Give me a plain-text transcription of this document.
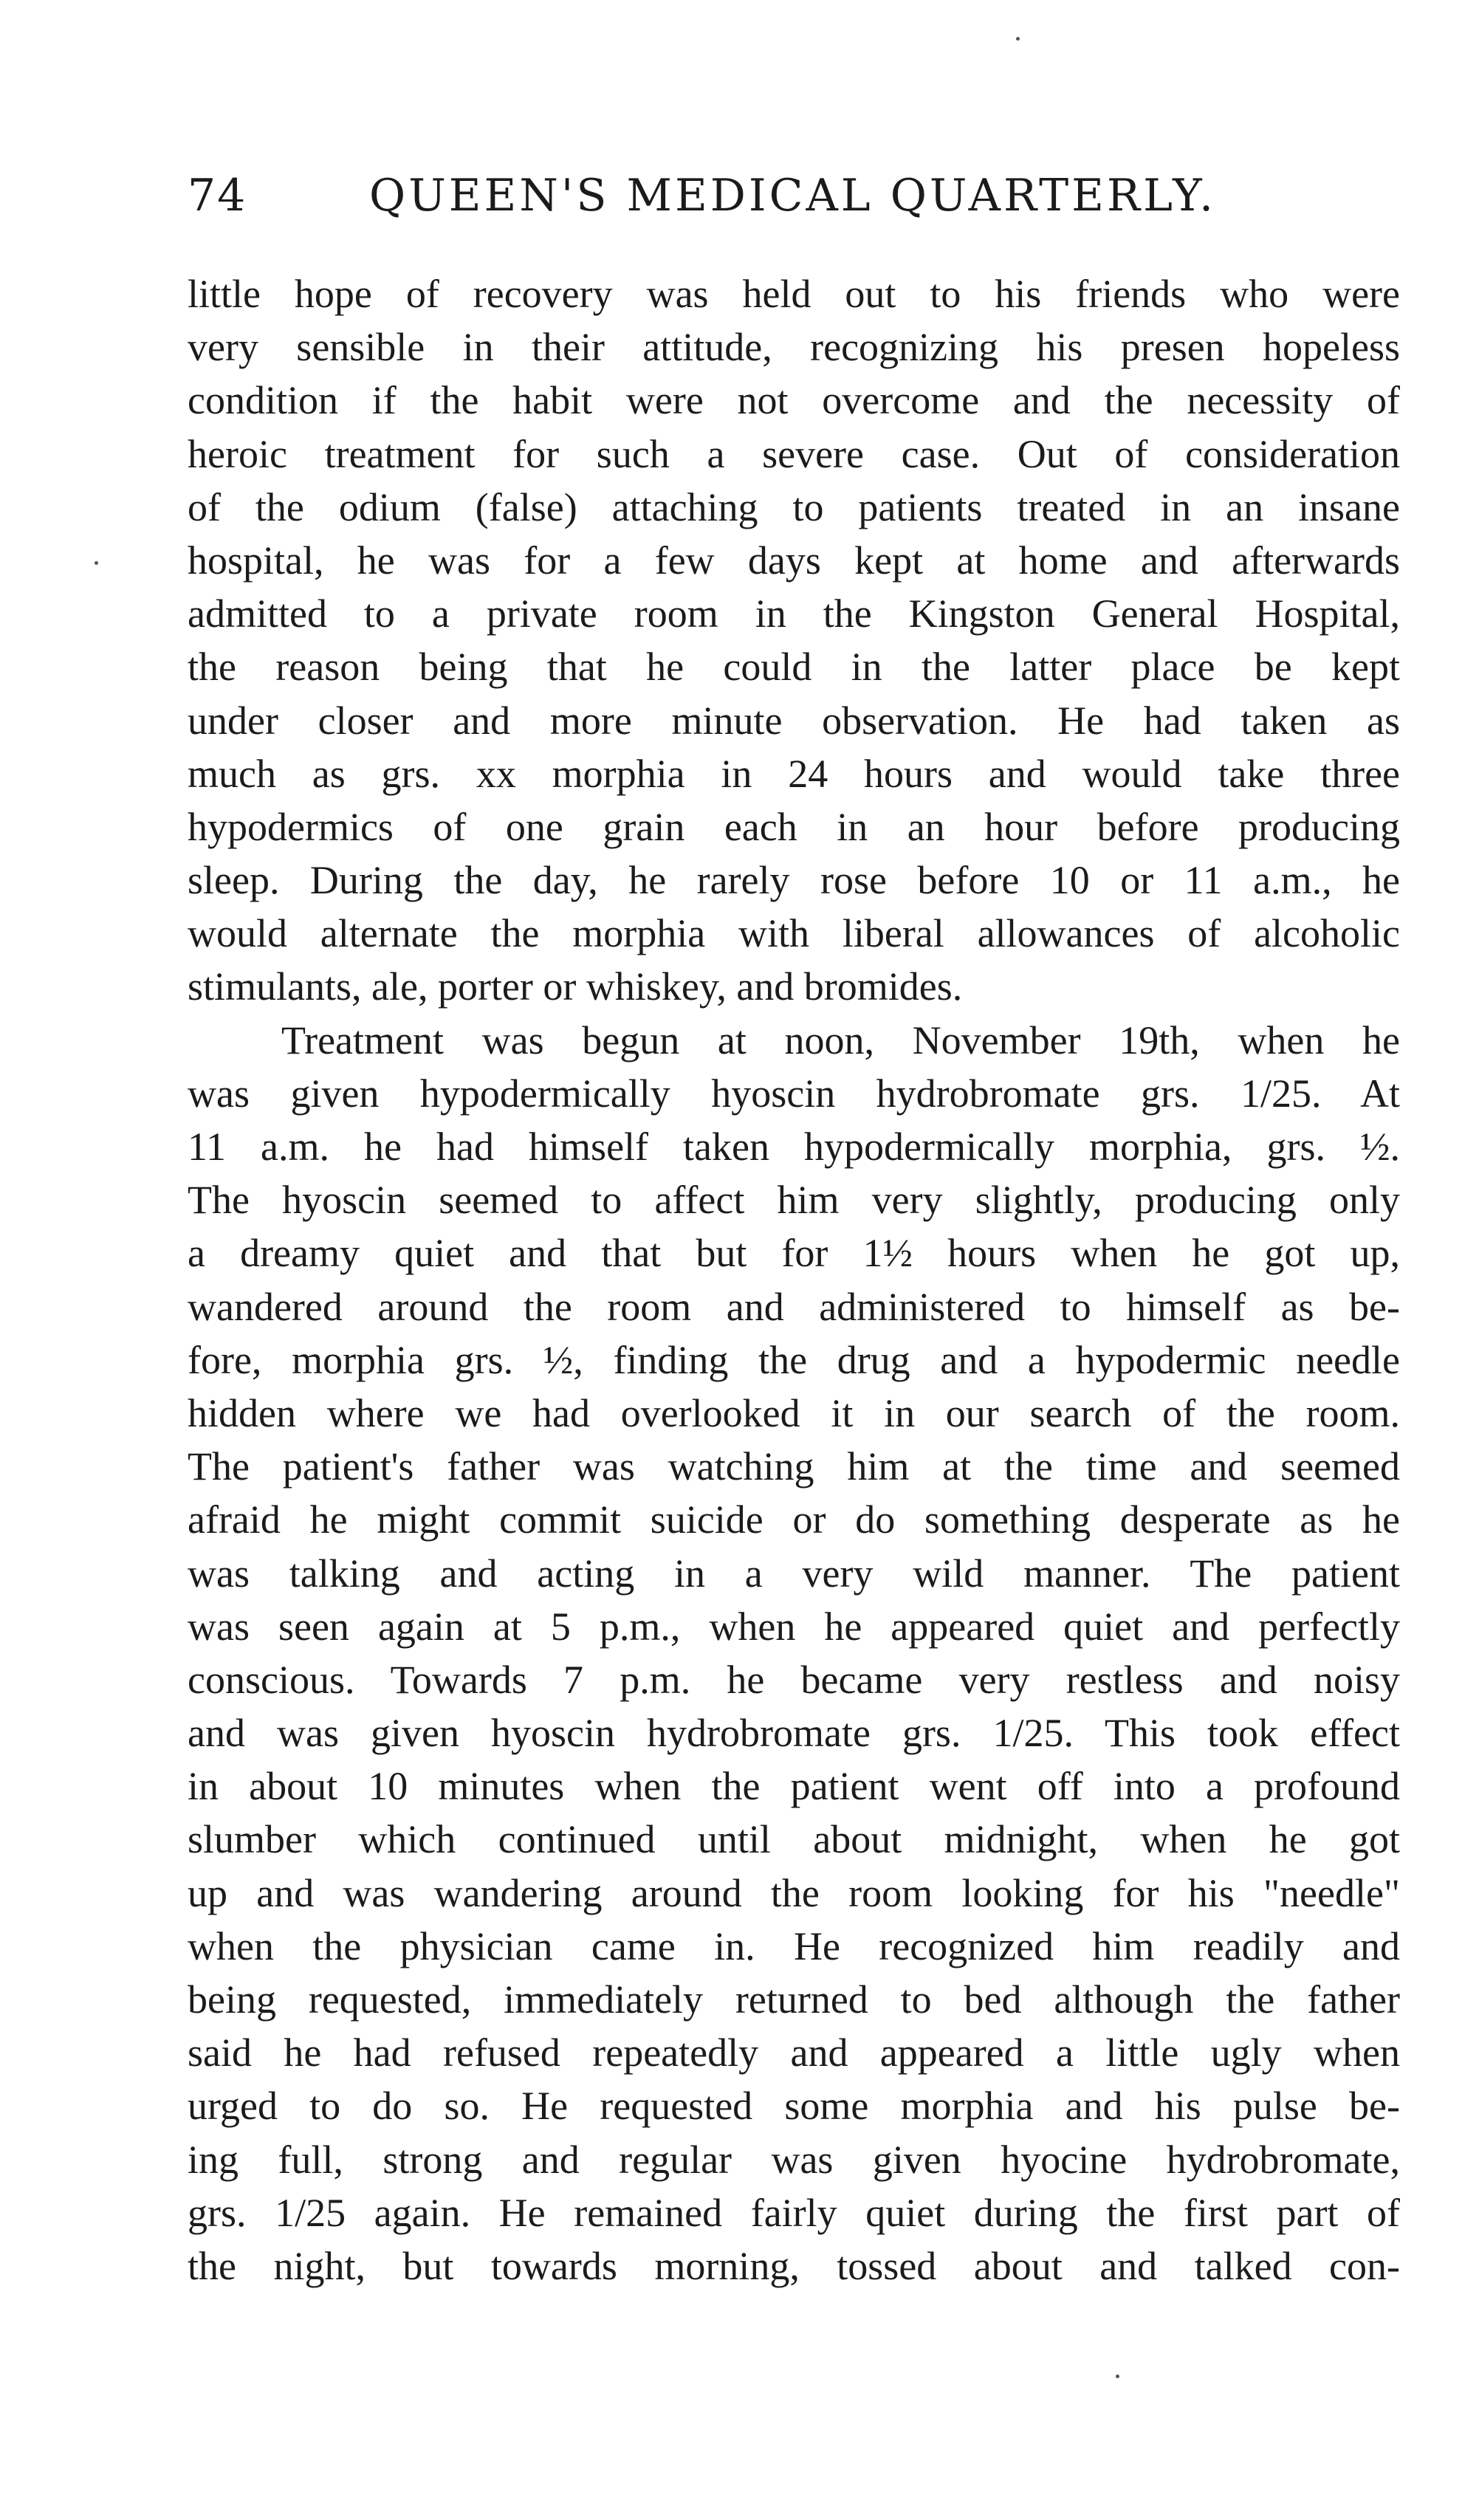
74	QUEEN'S MEDICAL QUARTERLY.
little hope of recovery was held out to his friends who were
very sensible in their attitude, recognizing his presen hopeless
condition if the habit were not overcome and the necessity of
heroic treatment for such a severe case. Out of consideration
of the odium (false) attaching to patients treated in an insane
hospital, he was for a few days kept at home and afterwards
admitted to a private room in the Kingston General Hospital,
the reason being that he could in the latter place be kept
under closer and more minute observation. He had taken as
much as grs. xx morphia in 24 hours and would take three
hypodermics of one grain each in an hour before producing
sleep. During the day, he rarely rose before 10 or 11 a.m., he
would alternate the morphia with liberal allowances of alcoholic
stimulants, ale, porter or whiskey, and bromides.
Treatment was begun at noon, November 19th, when he
was given hypodermically hyoscin hydrobromate grs. 1/25. At
11 a.m. he had himself taken hypodermically morphia, grs. ½.
The hyoscin seemed to affect him very slightly, producing only
a dreamy quiet and that but for 1½ hours when he got up,
wandered around the room and administered to himself as be-
fore, morphia grs. ½, finding the drug and a hypodermic needle
hidden where we had overlooked it in our search of the room.
The patient's father was watching him at the time and seemed
afraid he might commit suicide or do something desperate as he
was talking and acting in a very wild manner. The patient
was seen again at 5 p.m., when he appeared quiet and perfectly
conscious. Towards 7 p.m. he became very restless and noisy
and was given hyoscin hydrobromate grs. 1/25. This took effect
in about 10 minutes when the patient went off into a profound
slumber which continued until about midnight, when he got
up and was wandering around the room looking for his "needle"
when the physician came in. He recognized him readily and
being requested, immediately returned to bed although the father
said he had refused repeatedly and appeared a little ugly when
urged to do so. He requested some morphia and his pulse be-
ing full, strong and regular was given hyocine hydrobromate,
grs. 1/25 again. He remained fairly quiet during the first part of
the night, but towards morning, tossed about and talked con-
